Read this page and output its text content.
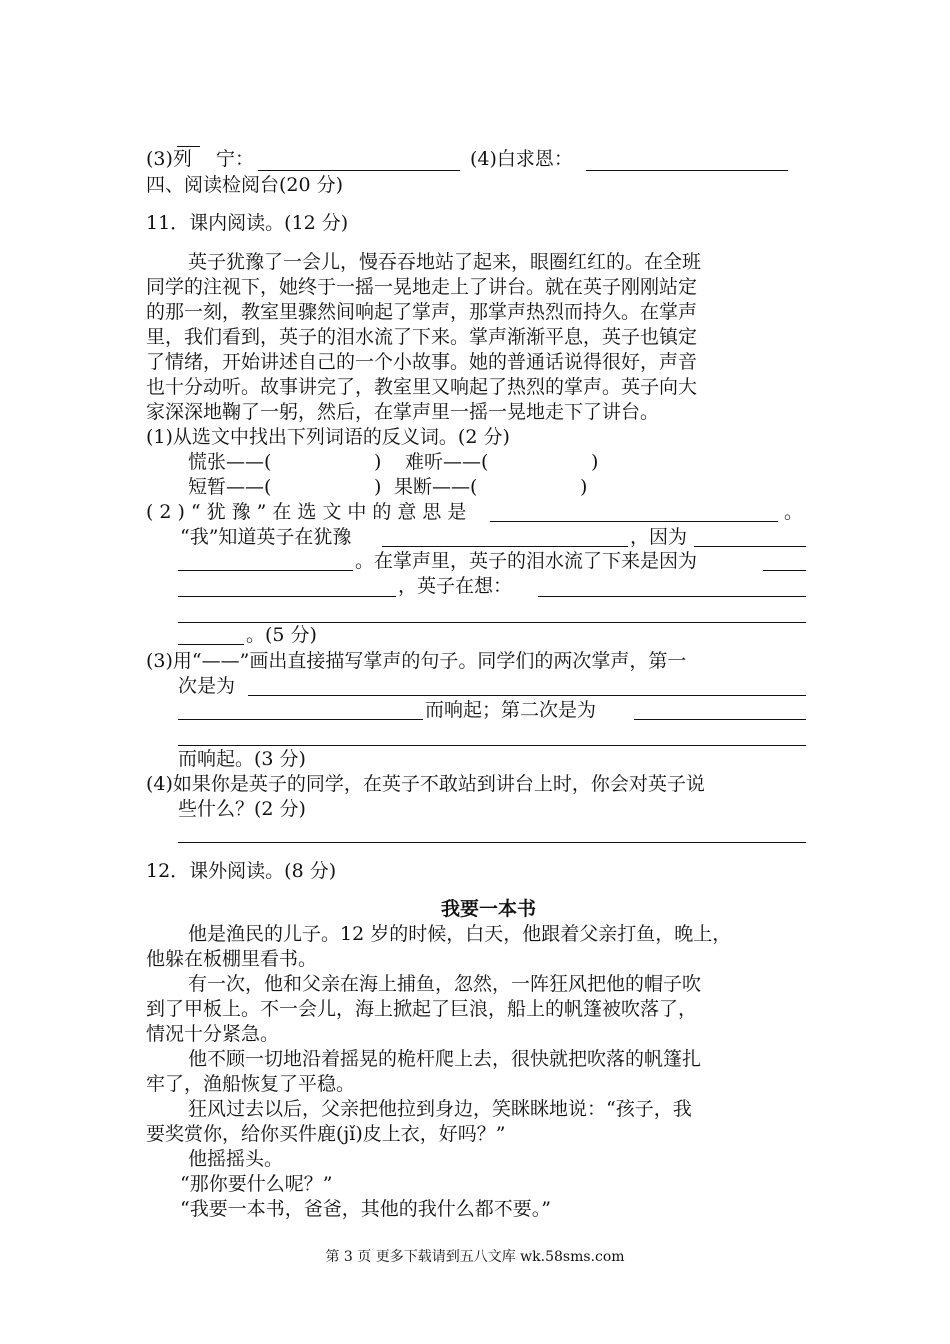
(3)列 宁：	(4)白求恩：
四、阅读检阅台(20 分)
11．课内阅读。(12 分)
英子犹豫了一会儿，慢吞吞地站了起来，眼圈红红的。在全班
同学的注视下，她终于一摇一晃地走上了讲台。就在英子刚刚站定
的那一刻，教室里骤然间响起了掌声，那掌声热烈而持久。在掌声
里，我们看到，英子的泪水流了下来。掌声渐渐平息，英子也镇定
了情绪，开始讲述自己的一个小故事。她的普通话说得很好，声音
也十分动听。故事讲完了，教室里又响起了热烈的掌声。英子向大
家深深地鞠了一躬，然后，在掌声里一摇一晃地走下了讲台。
(1)从选文中找出下列词语的反义词。(2 分)
慌张——(	) 难听——(	)
短暂——(	) 果断——(	)
(2)“犹豫”在选文中的意思是	。
“我”知道英子在犹豫	，因为
。在掌声里，英子的泪水流了下来是因为
，英子在想：
。(5 分)
(3)用“——”画出直接描写掌声的句子。同学们的两次掌声，第一
次是为
而响起；第二次是为
而响起。(3 分)
(4)如果你是英子的同学，在英子不敢站到讲台上时，你会对英子说
些什么？(2 分)
12．课外阅读。(8 分)
我要一本书
他是渔民的儿子。12 岁的时候，白天，他跟着父亲打鱼，晚上，
他躲在板棚里看书。
有一次，他和父亲在海上捕鱼，忽然，一阵狂风把他的帽子吹
到了甲板上。不一会儿，海上掀起了巨浪，船上的帆篷被吹落了，
情况十分紧急。
他不顾一切地沿着摇晃的桅杆爬上去，很快就把吹落的帆篷扎
牢了，渔船恢复了平稳。
狂风过去以后，父亲把他拉到身边，笑眯眯地说：“孩子，我
要奖赏你，给你买件鹿(jǐ)皮上衣，好吗？”
他摇摇头。
“那你要什么呢？”
“我要一本书，爸爸，其他的我什么都不要。”
第 3 页 更多下载请到五八文库 wk.58sms.com
